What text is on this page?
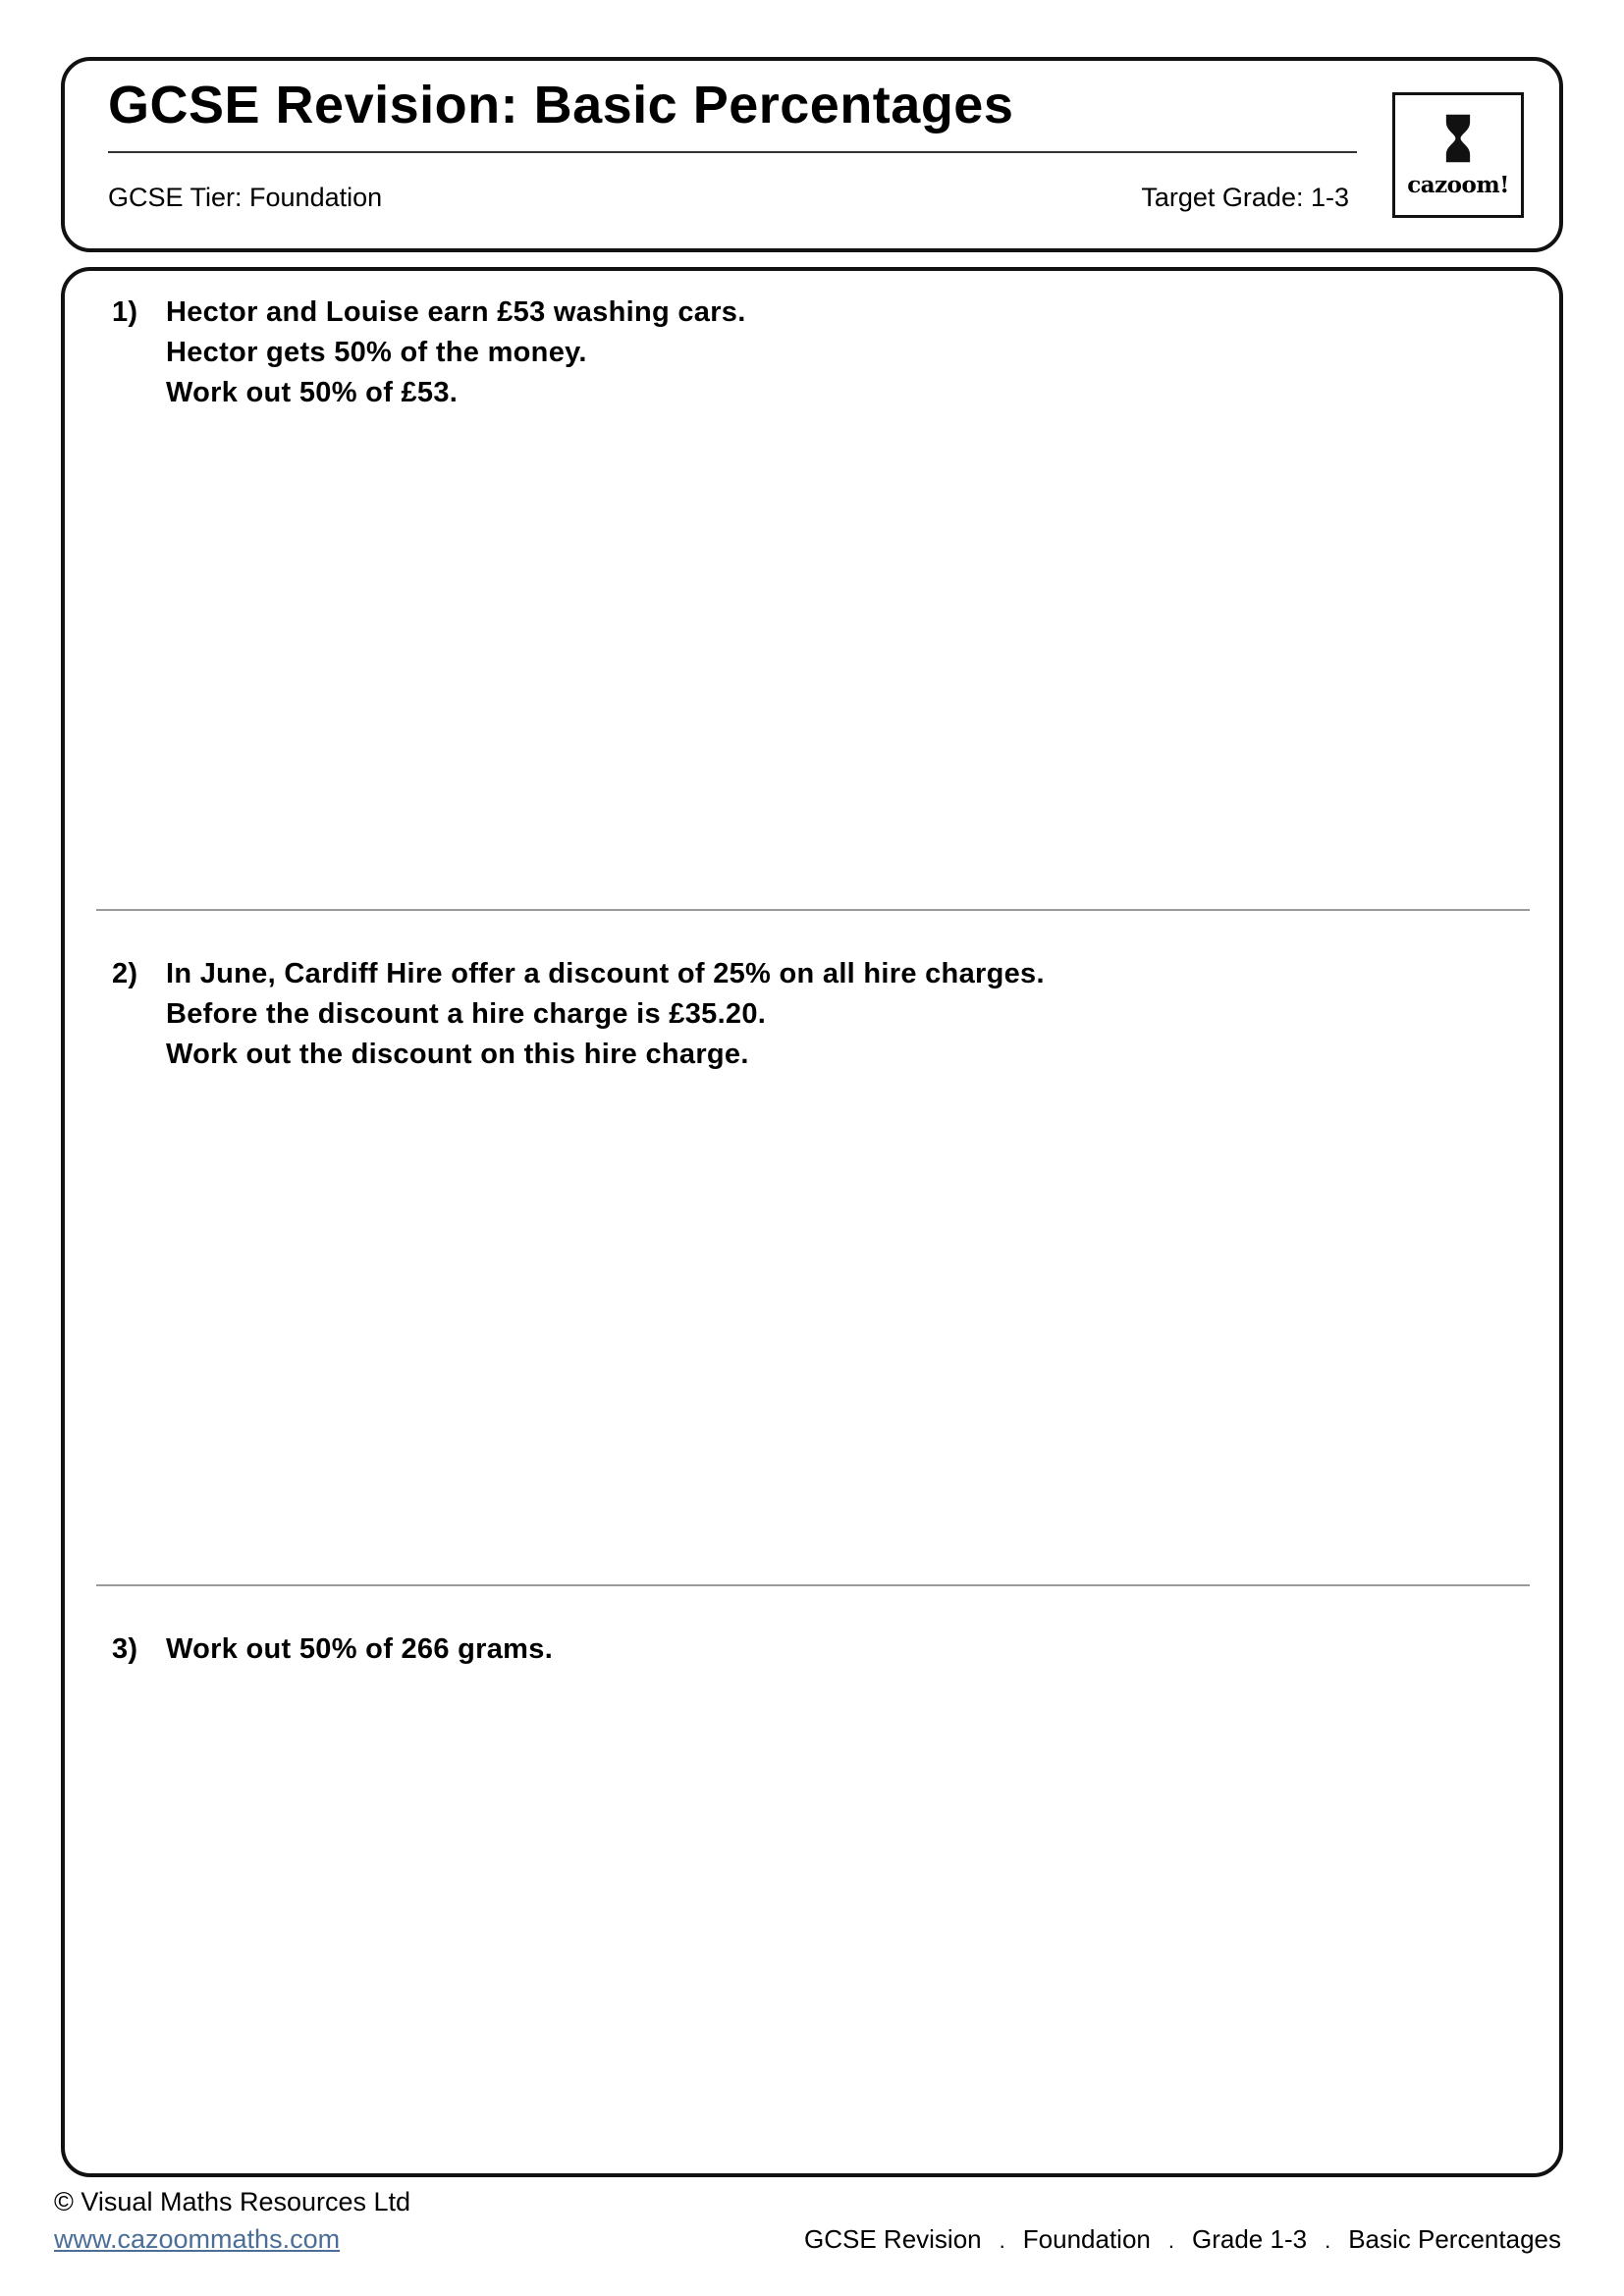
GCSE Revision: Basic Percentages
GCSE Tier: Foundation	Target Grade: 1-3	cazoom!
1) Hector and Louise earn £53 washing cars.
Hector gets 50% of the money.
Work out 50% of £53.
2) In June, Cardiff Hire offer a discount of 25% on all hire charges.
Before the discount a hire charge is £35.20.
Work out the discount on this hire charge.
3) Work out 50% of 266 grams.
© Visual Maths Resources Ltd
www.cazoommaths.com	GCSE Revision . Foundation . Grade 1-3 . Basic Percentages
